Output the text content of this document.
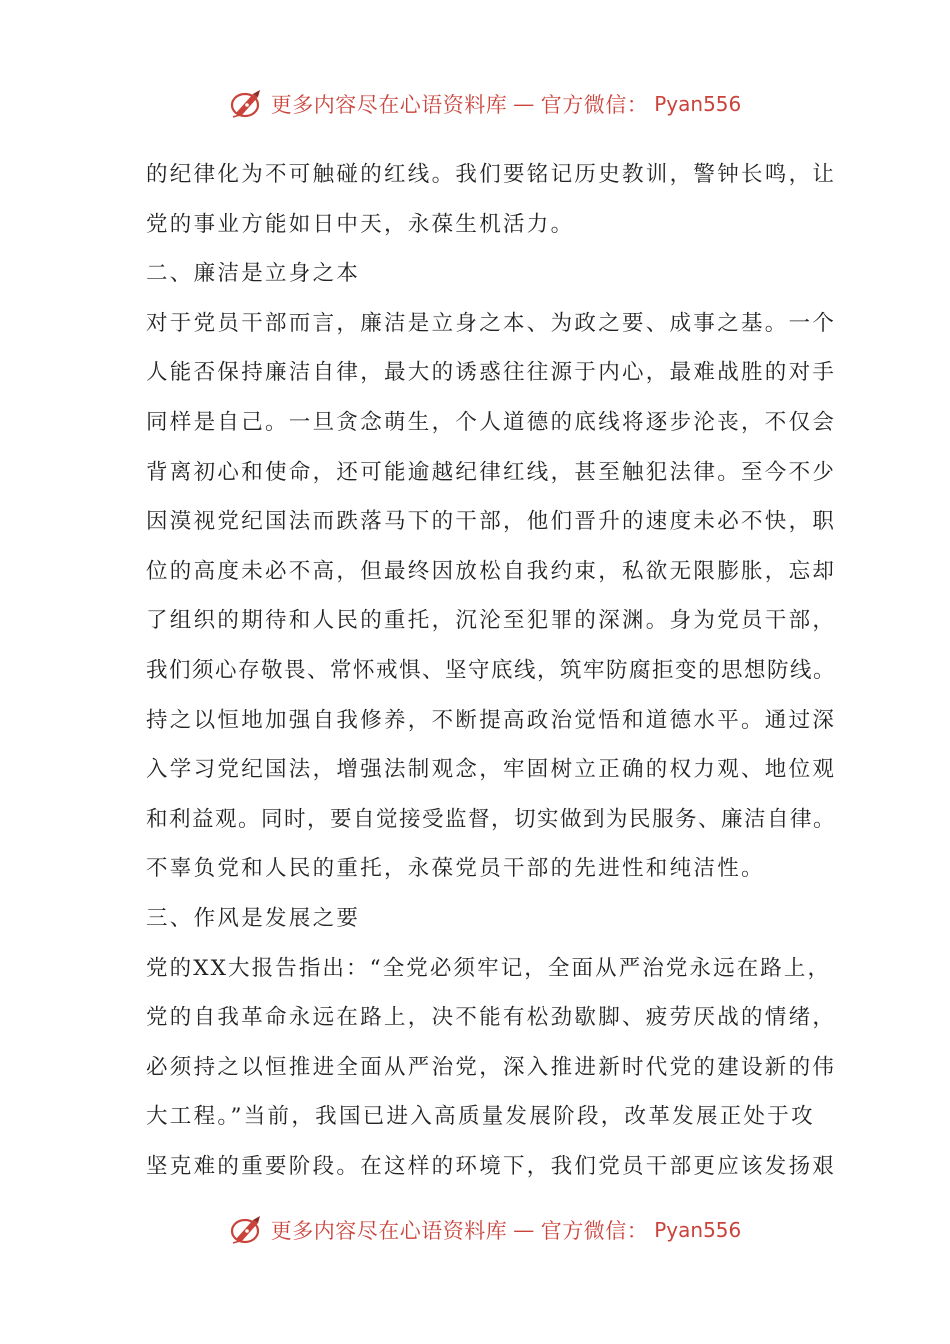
更多内容尽在心语资料库 — 官方微信： Pyan556
的纪律化为不可触碰的红线。我们要铭记历史教训，警钟长鸣，让
党的事业方能如日中天，永葆生机活力。
二、廉洁是立身之本
对于党员干部而言，廉洁是立身之本、为政之要、成事之基。一个
人能否保持廉洁自律，最大的诱惑往往源于内心，最难战胜的对手
同样是自己。一旦贪念萌生，个人道德的底线将逐步沦丧，不仅会
背离初心和使命，还可能逾越纪律红线，甚至触犯法律。至今不少
因漠视党纪国法而跌落马下的干部，他们晋升的速度未必不快，职
位的高度未必不高，但最终因放松自我约束，私欲无限膨胀，忘却
了组织的期待和人民的重托，沉沦至犯罪的深渊。身为党员干部，
我们须心存敬畏、常怀戒惧、坚守底线，筑牢防腐拒变的思想防线。
持之以恒地加强自我修养，不断提高政治觉悟和道德水平。通过深
入学习党纪国法，增强法制观念，牢固树立正确的权力观、地位观
和利益观。同时，要自觉接受监督，切实做到为民服务、廉洁自律。
不辜负党和人民的重托，永葆党员干部的先进性和纯洁性。
三、作风是发展之要
党的XX大报告指出：“全党必须牢记，全面从严治党永远在路上，
党的自我革命永远在路上，决不能有松劲歇脚、疲劳厌战的情绪，
必须持之以恒推进全面从严治党，深入推进新时代党的建设新的伟
大工程。”当前，我国已进入高质量发展阶段，改革发展正处于攻
坚克难的重要阶段。在这样的环境下，我们党员干部更应该发扬艰
更多内容尽在心语资料库 — 官方微信： Pyan556
